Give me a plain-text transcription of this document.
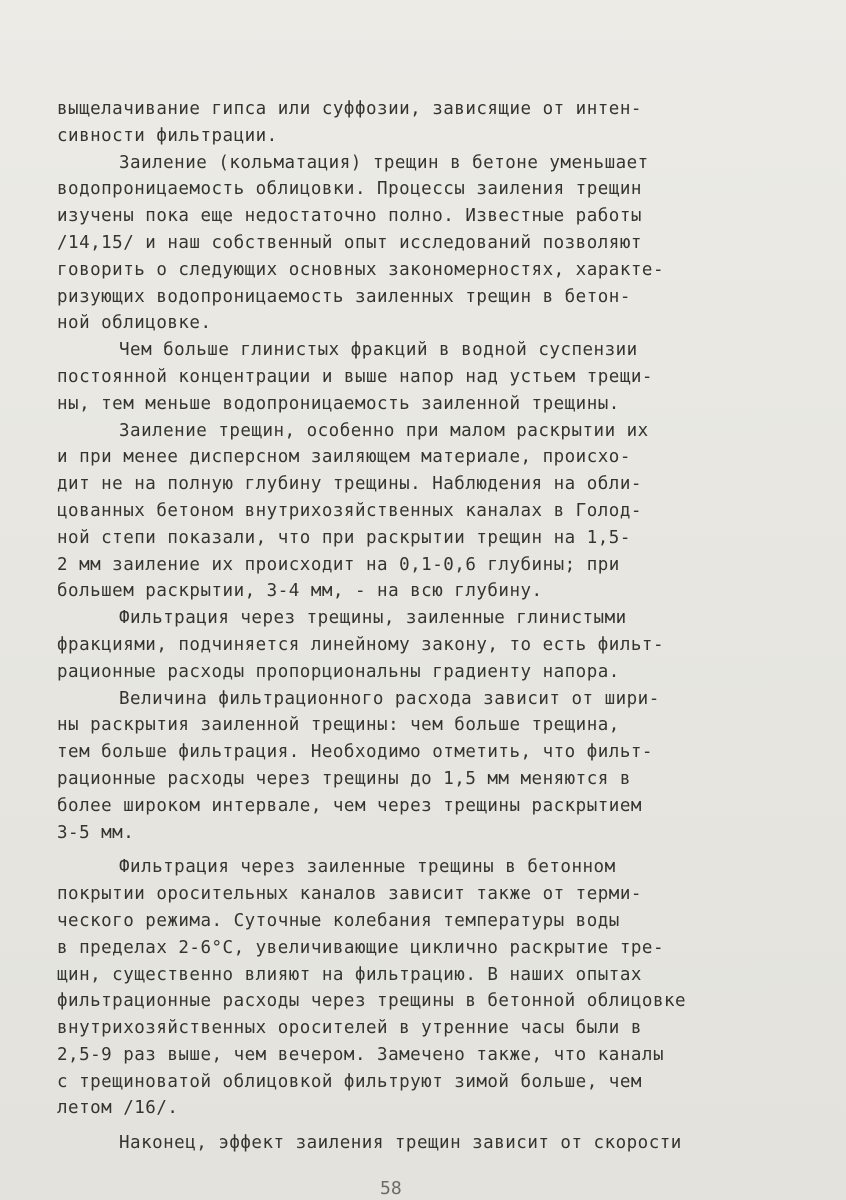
выщелачивание гипса или суффозии, зависящие от интен-
сивности фильтрации.
Заиление (кольматация) трещин в бетоне уменьшает
водопроницаемость облицовки. Процессы заиления трещин
изучены пока еще недостаточно полно. Известные работы
/14,15/ и наш собственный опыт исследований позволяют
говорить о следующих основных закономерностях, характе-
ризующих водопроницаемость заиленных трещин в бетон-
ной облицовке.
Чем больше глинистых фракций в водной суспензии
постоянной концентрации и выше напор над устьем трещи-
ны, тем меньше водопроницаемость заиленной трещины.
Заиление трещин, особенно при малом раскрытии их
и при менее дисперсном заиляющем материале, происхо-
дит не на полную глубину трещины. Наблюдения на обли-
цованных бетоном внутрихозяйственных каналах в Голод-
ной степи показали, что при раскрытии трещин на 1,5-
2 мм заиление их происходит на 0,1-0,6 глубины; при
большем раскрытии, 3-4 мм, - на всю глубину.
Фильтрация через трещины, заиленные глинистыми
фракциями, подчиняется линейному закону, то есть фильт-
рационные расходы пропорциональны градиенту напора.
Величина фильтрационного расхода зависит от шири-
ны раскрытия заиленной трещины: чем больше трещина,
тем больше фильтрация. Необходимо отметить, что фильт-
рационные расходы через трещины до 1,5 мм меняются в
более широком интервале, чем через трещины раскрытием
3-5 мм.
Фильтрация через заиленные трещины в бетонном
покрытии оросительных каналов зависит также от терми-
ческого режима. Суточные колебания температуры воды
в пределах 2-6°С, увеличивающие циклично раскрытие тре-
щин, существенно влияют на фильтрацию. В наших опытах
фильтрационные расходы через трещины в бетонной облицовке
внутрихозяйственных оросителей в утренние часы были в
2,5-9 раз выше, чем вечером. Замечено также, что каналы
с трещиноватой облицовкой фильтруют зимой больше, чем
летом /16/.
Наконец, эффект заиления трещин зависит от скорости
58
